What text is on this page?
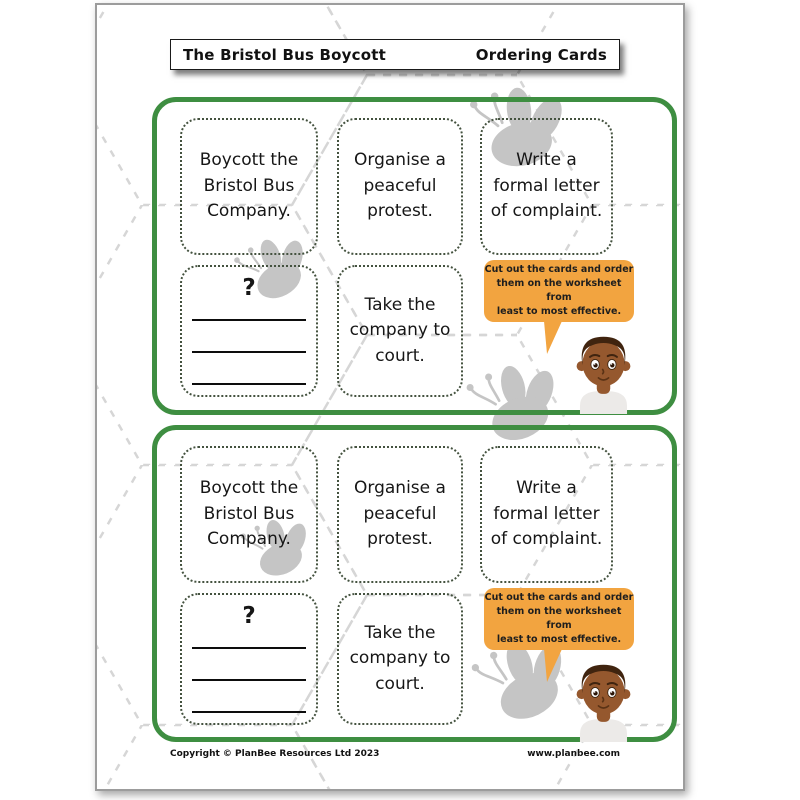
The Bristol Bus Boycott	Ordering Cards
Boycott the
Bristol Bus
Company.
Organise a
peaceful
protest.
Write a
formal letter
of complaint.
?
Take the
company to
court.
Cut out the cards and order
them on the worksheet from
least to most effective.
Boycott the
Bristol Bus
Company.
Organise a
peaceful
protest.
Write a
formal letter
of complaint.
?
Take the
company to
court.
Cut out the cards and order
them on the worksheet from
least to most effective.
Copyright © PlanBee Resources Ltd 2023	www.planbee.com
